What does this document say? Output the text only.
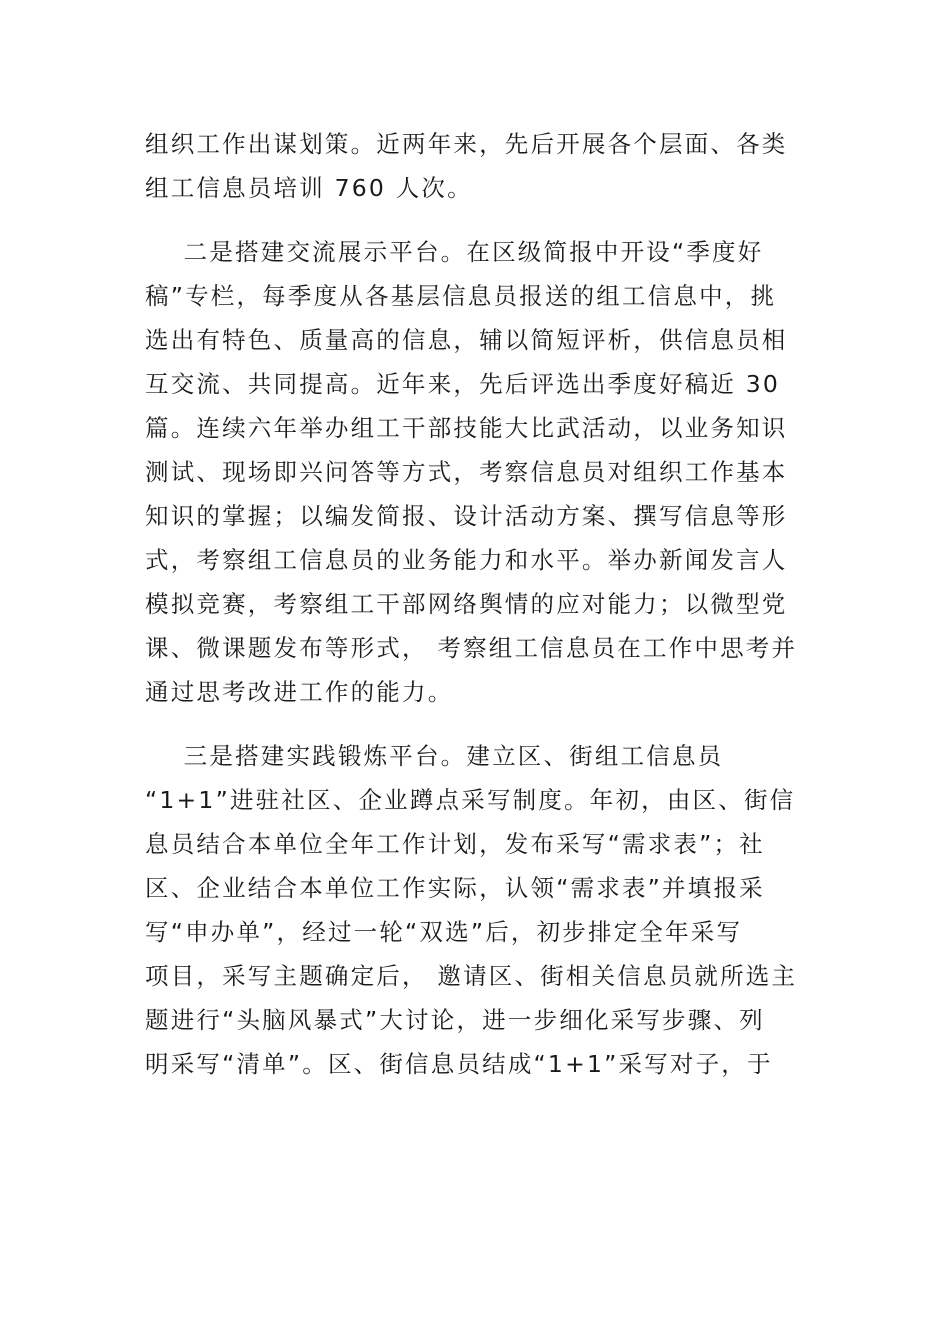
组织工作出谋划策。近两年来，先后开展各个层面、各类
组工信息员培训 760 人次。
二是搭建交流展示平台。在区级简报中开设“季度好
稿”专栏，每季度从各基层信息员报送的组工信息中，挑
选出有特色、质量高的信息，辅以简短评析，供信息员相
互交流、共同提高。近年来，先后评选出季度好稿近 30
篇。连续六年举办组工干部技能大比武活动，以业务知识
测试、现场即兴问答等方式，考察信息员对组织工作基本
知识的掌握；以编发简报、设计活动方案、撰写信息等形
式，考察组工信息员的业务能力和水平。举办新闻发言人
模拟竞赛，考察组工干部网络舆情的应对能力；以微型党
课、微课题发布等形式， 考察组工信息员在工作中思考并
通过思考改进工作的能力。
三是搭建实践锻炼平台。建立区、街组工信息员
“1+1”进驻社区、企业蹲点采写制度。年初，由区、街信
息员结合本单位全年工作计划，发布采写“需求表”；社
区、企业结合本单位工作实际，认领“需求表”并填报采
写“申办单”，经过一轮“双选”后，初步排定全年采写
项目，采写主题确定后， 邀请区、街相关信息员就所选主
题进行“头脑风暴式”大讨论，进一步细化采写步骤、列
明采写“清单”。区、街信息员结成“1+1”采写对子，于
